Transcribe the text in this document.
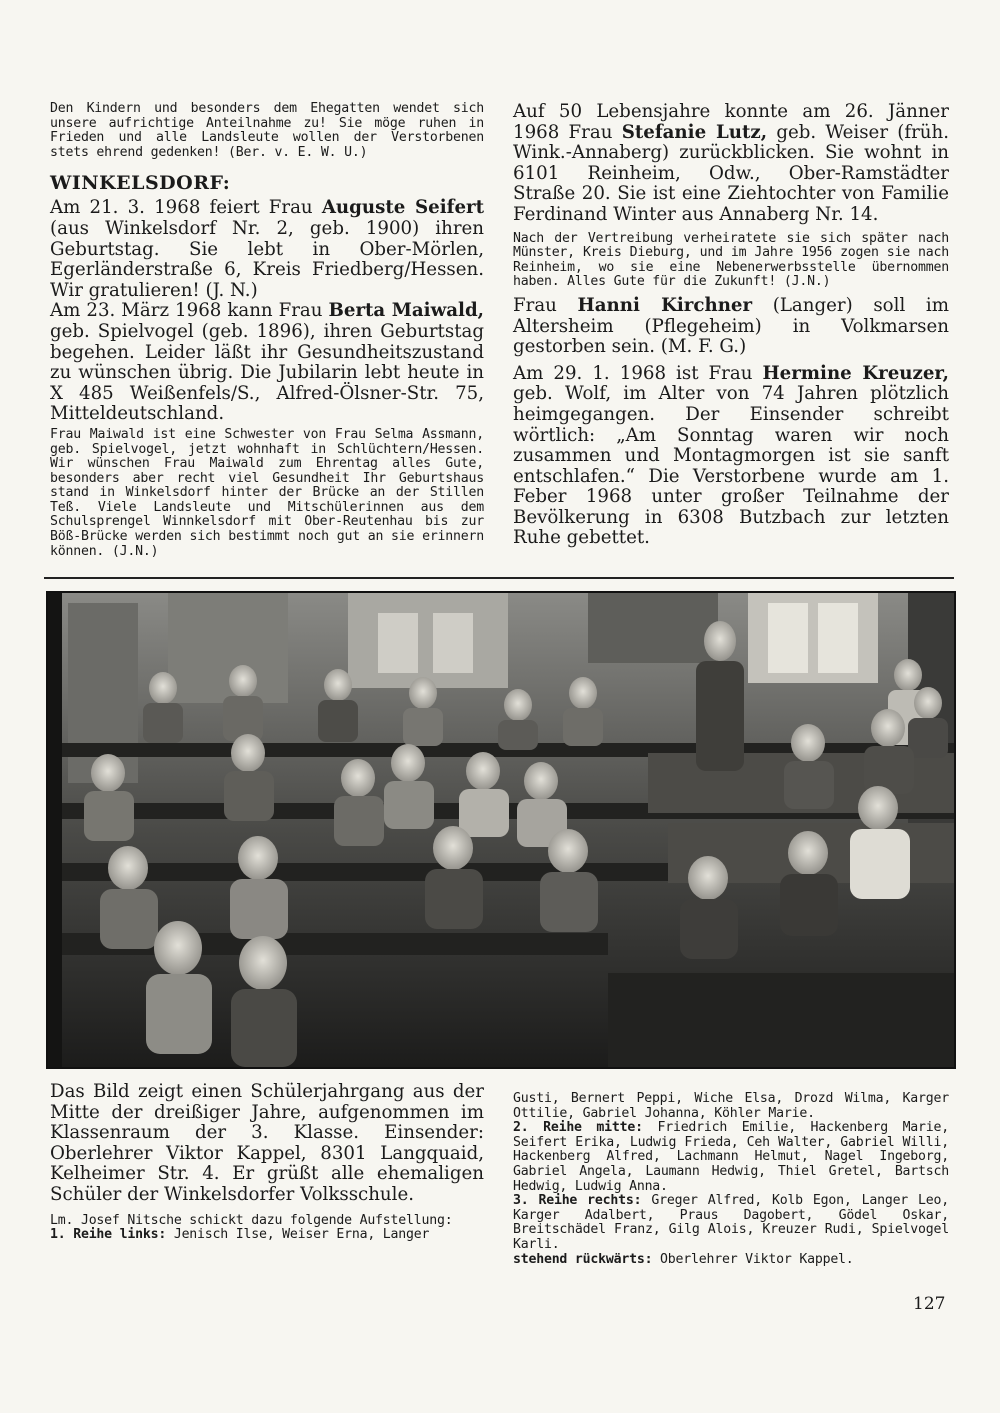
Den Kindern und besonders dem Ehegatten wendet sich unsere aufrichtige Anteilnahme zu! Sie möge ruhen in Frieden und alle Landsleute wollen der Verstorbenen stets ehrend gedenken! (Ber. v. E. W. U.)

WINKELSDORF:

Am 21. 3. 1968 feiert Frau Auguste Seifert (aus Winkelsdorf Nr. 2, geb. 1900) ihren Geburtstag. Sie lebt in Ober-Mörlen, Egerländerstraße 6, Kreis Friedberg/Hessen. Wir gratulieren! (J. N.)

Am 23. März 1968 kann Frau Berta Maiwald, geb. Spielvogel (geb. 1896), ihren Geburtstag begehen. Leider läßt ihr Gesundheitszustand zu wünschen übrig. Die Jubilarin lebt heute in X 485 Weißenfels/S., Alfred-Ölsner-Str. 75, Mitteldeutschland.

Frau Maiwald ist eine Schwester von Frau Selma Assmann, geb. Spielvogel, jetzt wohnhaft in Schlüchtern/Hessen. Wir wünschen Frau Maiwald zum Ehrentag alles Gute, besonders aber recht viel Gesundheit Ihr Geburtshaus stand in Winkelsdorf hinter der Brücke an der Stillen Teß. Viele Landsleute und Mitschülerinnen aus dem Schulsprengel Winnkelsdorf mit Ober-Reutenhau bis zur Böß-Brücke werden sich bestimmt noch gut an sie erinnern können. (J.N.)

Auf 50 Lebensjahre konnte am 26. Jänner 1968 Frau Stefanie Lutz, geb. Weiser (früh. Wink.-Annaberg) zurückblicken. Sie wohnt in 6101 Reinheim, Odw., Ober-Ramstädter Straße 20. Sie ist eine Ziehtochter von Familie Ferdinand Winter aus Annaberg Nr. 14.

Nach der Vertreibung verheiratete sie sich später nach Münster, Kreis Dieburg, und im Jahre 1956 zogen sie nach Reinheim, wo sie eine Nebenerwerbsstelle übernommen haben. Alles Gute für die Zukunft! (J.N.)

Frau Hanni Kirchner (Langer) soll im Altersheim (Pflegeheim) in Volkmarsen gestorben sein. (M. F. G.)

Am 29. 1. 1968 ist Frau Hermine Kreuzer, geb. Wolf, im Alter von 74 Jahren plötzlich heimgegangen. Der Einsender schreibt wörtlich: „Am Sonntag waren wir noch zusammen und Montagmorgen ist sie sanft entschlafen.“ Die Verstorbene wurde am 1. Feber 1968 unter großer Teilnahme der Bevölkerung in 6308 Butzbach zur letzten Ruhe gebettet.

Das Bild zeigt einen Schülerjahrgang aus der Mitte der dreißiger Jahre, aufgenommen im Klassenraum der 3. Klasse. Einsender: Oberlehrer Viktor Kappel, 8301 Langquaid, Kelheimer Str. 4. Er grüßt alle ehemaligen Schüler der Winkelsdorfer Volksschule.

Lm. Josef Nitsche schickt dazu folgende Aufstellung:

1. Reihe links: Jenisch Ilse, Weiser Erna, Langer

Gusti, Bernert Peppi, Wiche Elsa, Drozd Wilma, Karger Ottilie, Gabriel Johanna, Köhler Marie.

2. Reihe mitte: Friedrich Emilie, Hackenberg Marie, Seifert Erika, Ludwig Frieda, Ceh Walter, Gabriel Willi, Hackenberg Alfred, Lachmann Helmut, Nagel Ingeborg, Gabriel Angela, Laumann Hedwig, Thiel Gretel, Bartsch Hedwig, Ludwig Anna.

3. Reihe rechts: Greger Alfred, Kolb Egon, Langer Leo, Karger Adalbert, Praus Dagobert, Gödel Oskar, Breitschädel Franz, Gilg Alois, Kreuzer Rudi, Spielvogel Karli.

stehend rückwärts: Oberlehrer Viktor Kappel.

127
